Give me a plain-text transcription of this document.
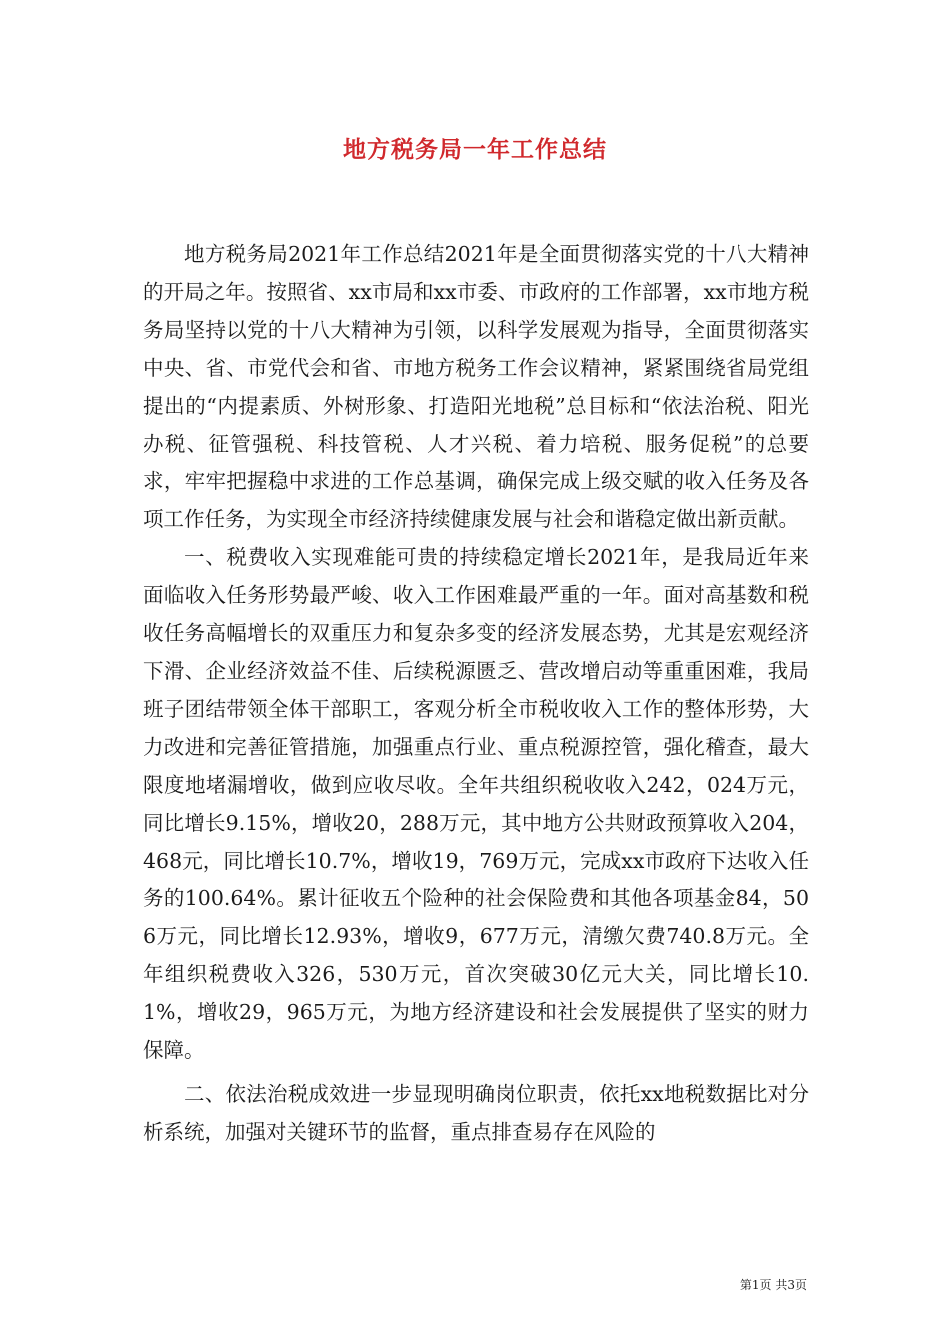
地方税务局一年工作总结

地方税务局2021年工作总结2021年是全面贯彻落实党的十八大精神的开局之年。按照省、xx市局和xx市委、市政府的工作部署，xx市地方税务局坚持以党的十八大精神为引领，以科学发展观为指导，全面贯彻落实中央、省、市党代会和省、市地方税务工作会议精神，紧紧围绕省局党组提出的“内提素质、外树形象、打造阳光地税”总目标和“依法治税、阳光办税、征管强税、科技管税、人才兴税、着力培税、服务促税”的总要求，牢牢把握稳中求进的工作总基调，确保完成上级交赋的收入任务及各项工作任务，为实现全市经济持续健康发展与社会和谐稳定做出新贡献。

一、税费收入实现难能可贵的持续稳定增长2021年，是我局近年来面临收入任务形势最严峻、收入工作困难最严重的一年。面对高基数和税收任务高幅增长的双重压力和复杂多变的经济发展态势，尤其是宏观经济下滑、企业经济效益不佳、后续税源匮乏、营改增启动等重重困难，我局班子团结带领全体干部职工，客观分析全市税收收入工作的整体形势，大力改进和完善征管措施，加强重点行业、重点税源控管，强化稽查，最大限度地堵漏增收，做到应收尽收。全年共组织税收收入242，024万元，同比增长9.15%，增收20，288万元，其中地方公共财政预算收入204，468元，同比增长10.7%，增收19，769万元，完成xx市政府下达收入任务的100.64%。累计征收五个险种的社会保险费和其他各项基金84，506万元，同比增长12.93%，增收9，677万元，清缴欠费740.8万元。全年组织税费收入326，530万元，首次突破30亿元大关，同比增长10.1%，增收29，965万元，为地方经济建设和社会发展提供了坚实的财力保障。

二、依法治税成效进一步显现明确岗位职责，依托xx地税数据比对分析系统，加强对关键环节的监督，重点排查易存在风险的

第1页 共3页
